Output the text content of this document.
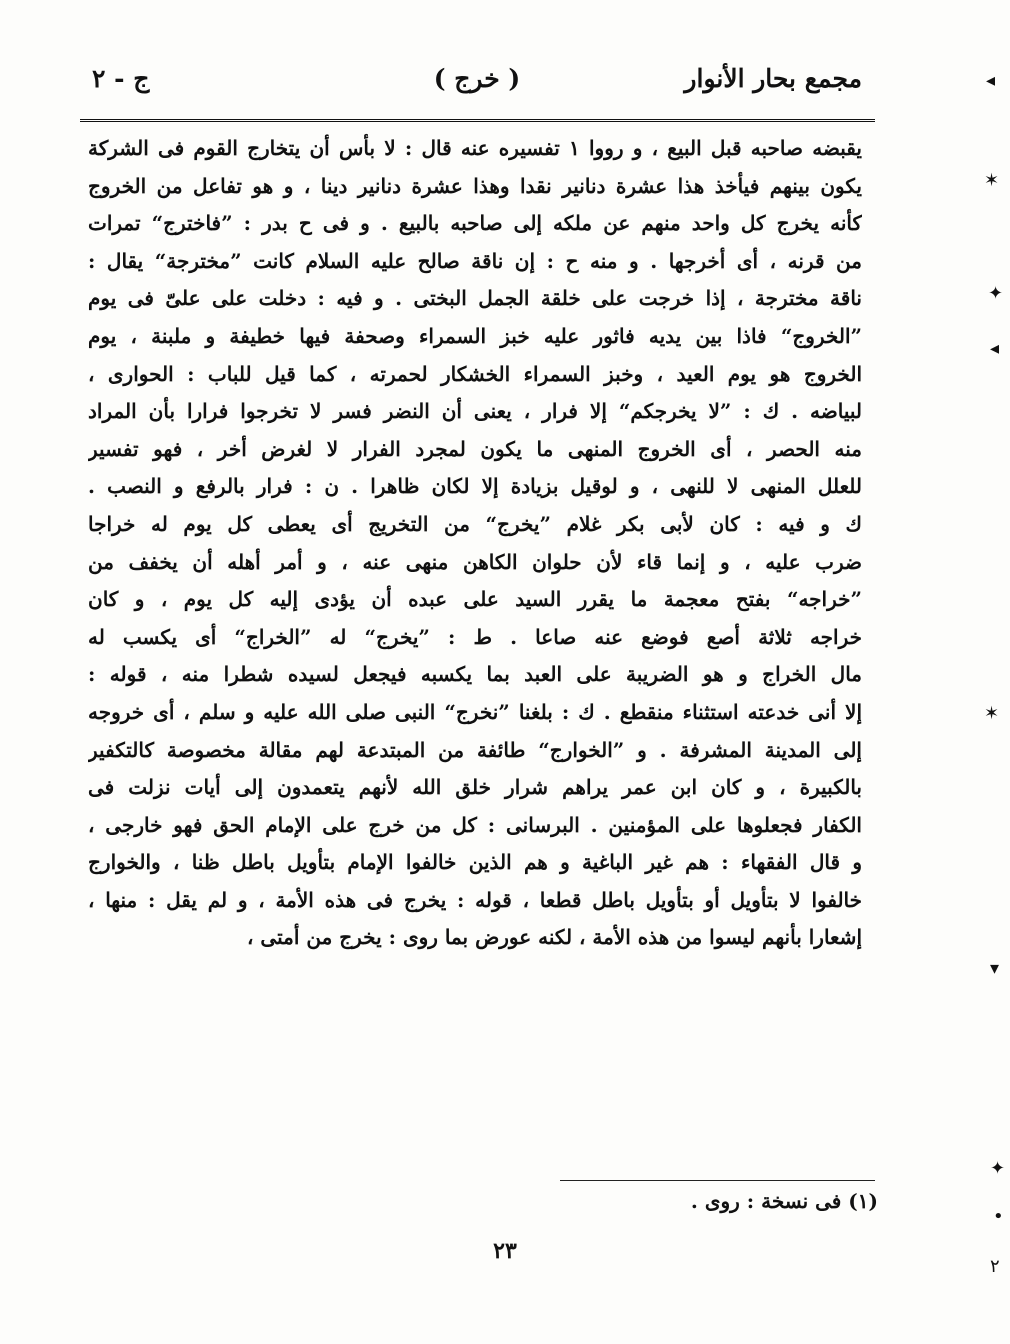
مجمع بحار الأنوار
( خرج )
ج - ٢
يقبضه صاحبه قبل البيع ، و رووا ١ تفسيره عنه قال : لا بأس أن يتخارج القوم فى الشركة
يكون بينهم فيأخذ هذا عشرة دنانير نقدا وهذا عشرة دنانير دينا ، و هو تفاعل من الخروج
كأنه يخرج كل واحد منهم عن ملكه إلى صاحبه بالبيع . و فى ح بدر : ”فاخترج“ تمرات
من قرنه ، أى أخرجها . و منه ح : إن ناقة صالح عليه السلام كانت ”مخترجة“ يقال :
ناقة مخترجة ، إذا خرجت على خلقة الجمل البختى . و فيه : دخلت على علىّ فى يوم
”الخروج“ فاذا بين يديه فاثور عليه خبز السمراء وصحفة فيها خطيفة و ملبنة ، يوم
الخروج هو يوم العيد ، وخبز السمراء الخشكار لحمرته ، كما قيل للباب : الحوارى ،
لبياضه . ك : ”لا يخرجكم“ إلا فرار ، يعنى أن النضر فسر لا تخرجوا فرارا بأن المراد
منه الحصر ، أى الخروج المنهى ما يكون لمجرد الفرار لا لغرض أخر ، فهو تفسير
للعلل المنهى لا للنهى ، و لوقيل بزيادة إلا لكان ظاهرا . ن : فرار بالرفع و النصب .
ك و فيه : كان لأبى بكر غلام ”يخرج“ من التخريج أى يعطى كل يوم له خراجا
ضرب عليه ، و إنما قاء لأن حلوان الكاهن منهى عنه ، و أمر أهله أن يخفف من
”خراجه“ بفتح معجمة ما يقرر السيد على عبده أن يؤدى إليه كل يوم ، و كان
خراجه ثلاثة أصع فوضع عنه صاعا . ط : ”يخرج“ له ”الخراج“ أى يكسب له
مال الخراج و هو الضريبة على العبد بما يكسبه فيجعل لسيده شطرا منه ، قوله :
إلا أنى خدعته استثناء منقطع . ك : بلغنا ”نخرج“ النبى صلى الله عليه و سلم ، أى خروجه
إلى المدينة المشرفة . و ”الخوارج“ طائفة من المبتدعة لهم مقالة مخصوصة كالتكفير
بالكبيرة ، و كان ابن عمر يراهم شرار خلق الله لأنهم يتعمدون إلى أيات نزلت فى
الكفار فجعلوها على المؤمنين . البرسانى : كل من خرج على الإمام الحق فهو خارجى ،
و قال الفقهاء : هم غير الباغية و هم الذين خالفوا الإمام بتأويل باطل ظنا ، والخوارج
خالفوا لا بتأويل أو بتأويل باطل قطعا ، قوله : يخرج فى هذه الأمة ، و لم يقل : منها ،
إشعارا بأنهم ليسوا من هذه الأمة ، لكنه عورض بما روى : يخرج من أمتى ،
(١) فى نسخة : روى .
٢٣
◂
✶
✦
◂
✶
▾
✦
•
٢
